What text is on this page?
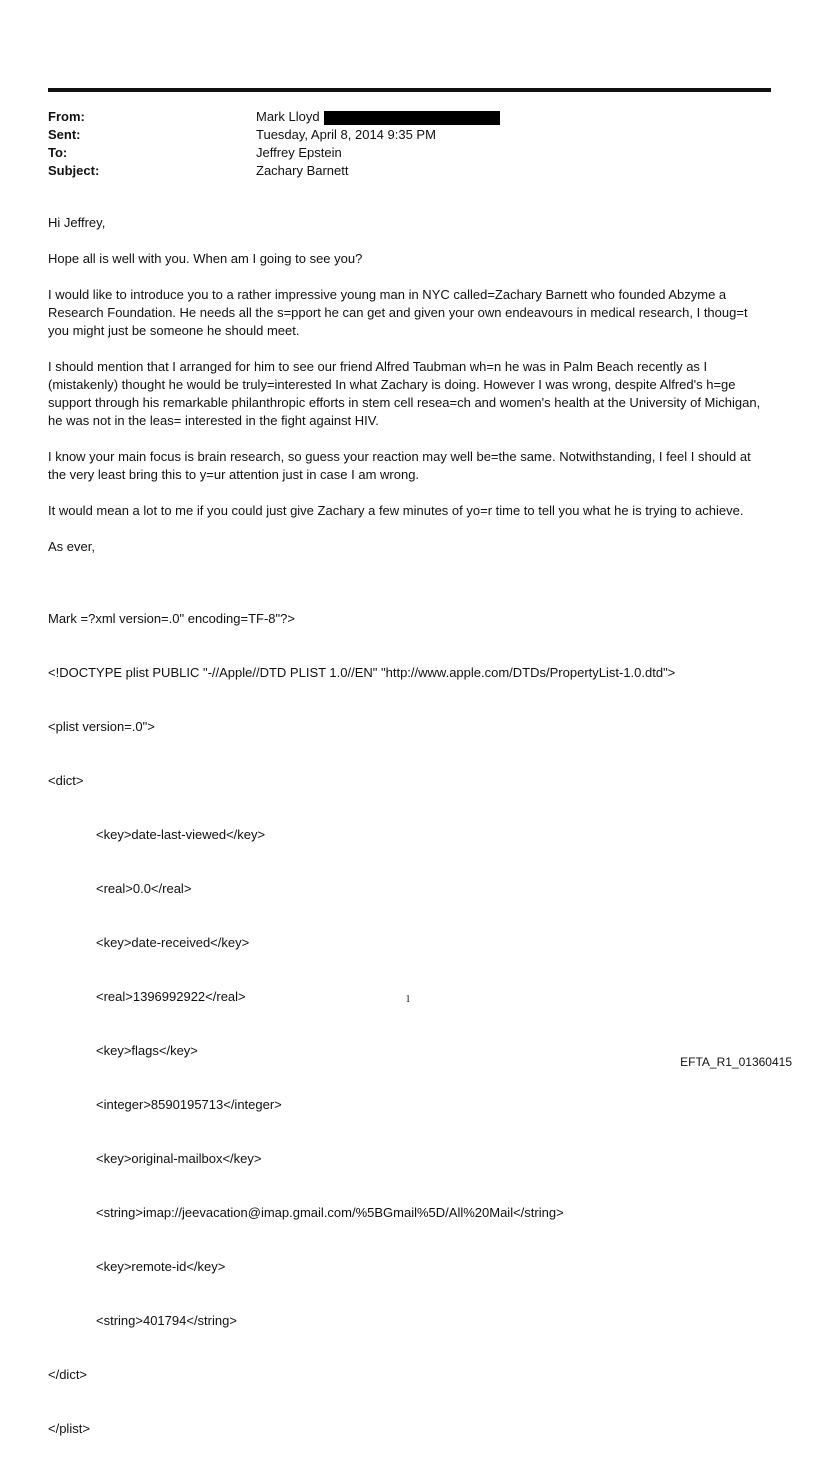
From:	Mark Lloyd
Sent:	Tuesday, April 8, 2014 9:35 PM
To:	Jeffrey Epstein
Subject:	Zachary Barnett

Hi Jeffrey,

Hope all is well with you. When am I going to see you?

I would like to introduce you to a rather impressive young man in NYC called=Zachary Barnett who founded Abzyme a Research Foundation. He needs all the s=pport he can get and given your own endeavours in medical research, I thoug=t you might just be someone he should meet.

I should mention that I arranged for him to see our friend Alfred Taubman wh=n he was in Palm Beach recently as I (mistakenly) thought he would be truly=interested In what Zachary is doing. However I was wrong, despite Alfred's h=ge support through his remarkable philanthropic efforts in stem cell resea=ch and women's health at the University of Michigan, he was not in the leas= interested in the fight against HIV.

I know your main focus is brain research, so guess your reaction may well be=the same. Notwithstanding, I feel I should at the very least bring this to y=ur attention just in case I am wrong.

It would mean a lot to me if you could just give Zachary a few minutes of yo=r time to tell you what he is trying to achieve.

As ever,

Mark =?xml version=.0" encoding=TF-8"?>

<!DOCTYPE plist PUBLIC "-//Apple//DTD PLIST 1.0//EN" "http://www.apple.com/DTDs/PropertyList-1.0.dtd">

<plist version=.0">

<dict>

<key>date-last-viewed</key>

<real>0.0</real>

<key>date-received</key>

<real>1396992922</real>

<key>flags</key>

<integer>8590195713</integer>

<key>original-mailbox</key>

<string>imap://jeevacation@imap.gmail.com/%5BGmail%5D/All%20Mail</string>

<key>remote-id</key>

<string>401794</string>

</dict>

</plist>

1
EFTA_R1_01360415
